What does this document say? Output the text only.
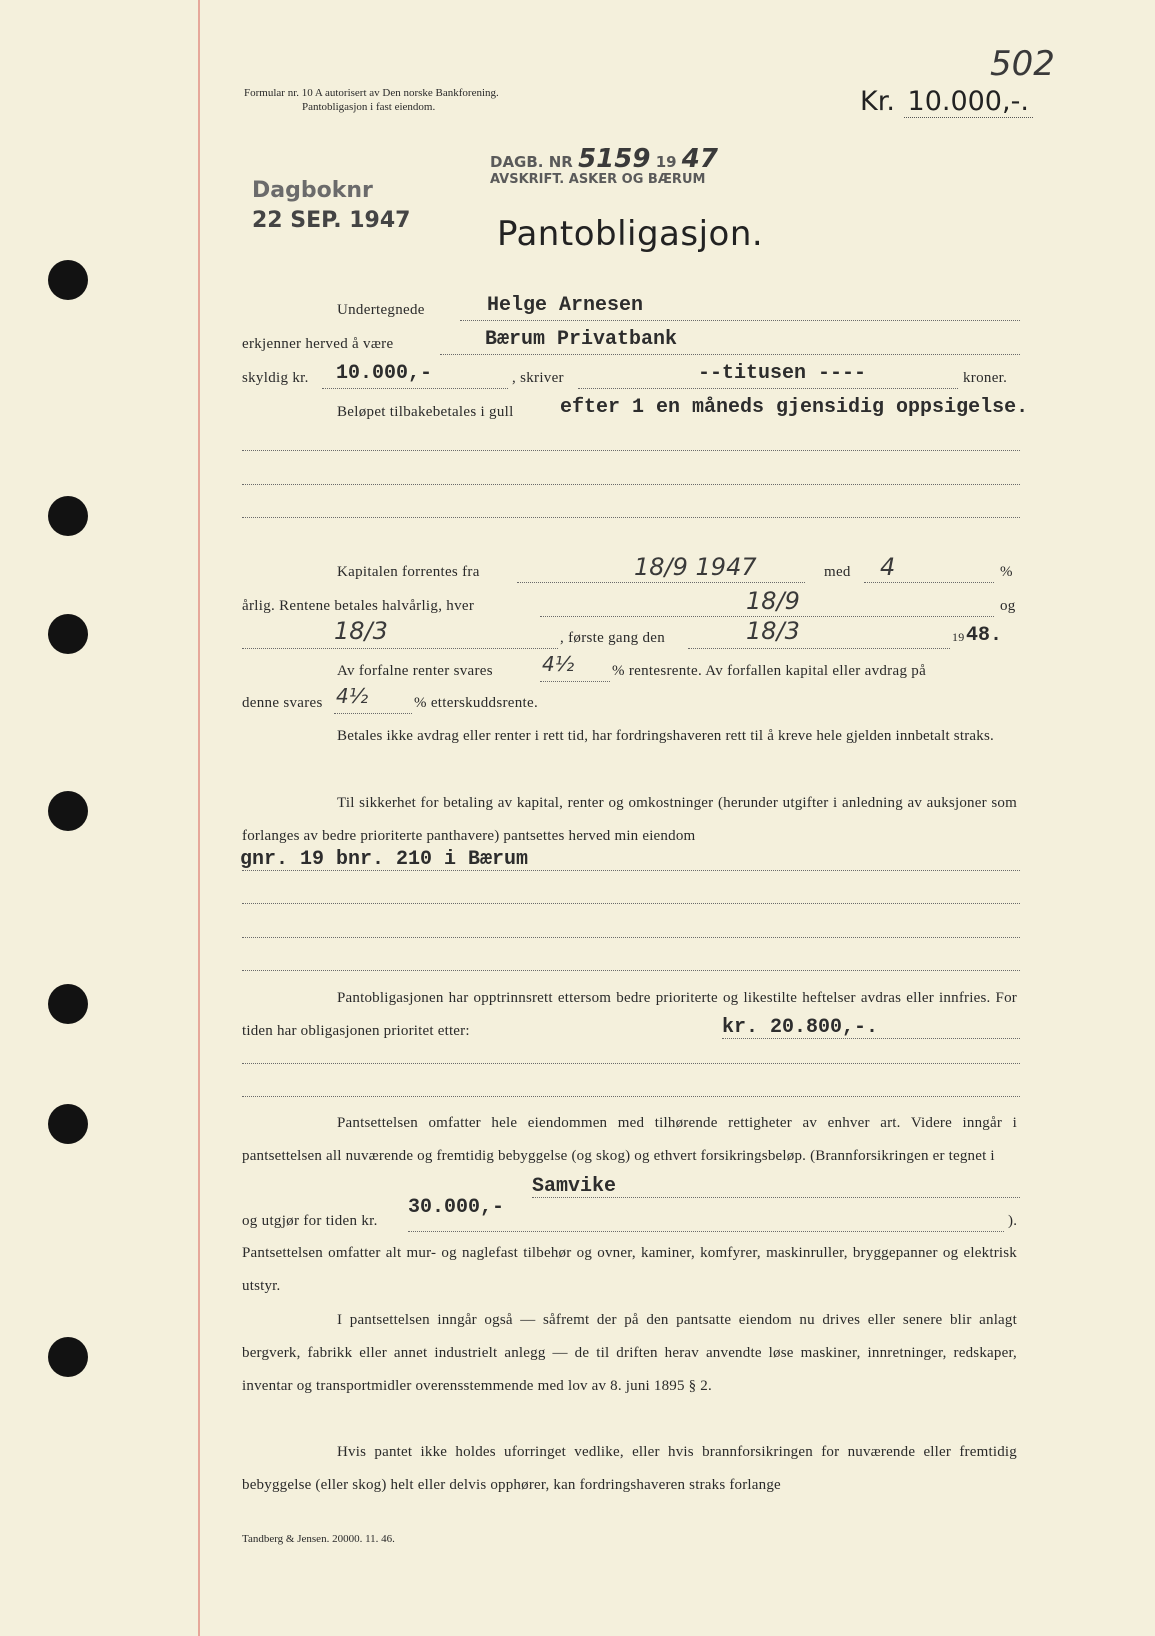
Formular nr. 10 A autorisert av Den norske Bankforening.
Pantobligasjon i fast eiendom.
502
Kr. 10.000,-.
DAGB. NR 5159 19 47
AVSKRIFT. ASKER OG BÆRUM
Dagboknr
22 SEP. 1947	Pantobligasjon.
Undertegnede	Helge Arnesen
erkjenner herved å være	Bærum Privatbank
skyldig kr. 10.000,-	, skriver	--titusen ----	kroner.
Beløpet tilbakebetales i gull efter 1 en måneds gjensidig oppsigelse.
Kapitalen forrentes fra	18/9 1947	med 4	%
årlig. Rentene betales halvårlig, hver	18/9	og
18/3	, første gang den	18/3	19 48.
Av forfalne renter svares 4½	% rentesrente. Av forfallen kapital eller avdrag på
denne svares 4½	% etterskuddsrente.
Betales ikke avdrag eller renter i rett tid, har fordringshaveren rett til å kreve hele gjelden innbetalt straks.
Til sikkerhet for betaling av kapital, renter og omkostninger (herunder utgifter i anledning av auksjoner som forlanges av bedre prioriterte panthavere) pantsettes herved min eiendom
gnr. 19 bnr. 210 i Bærum
Pantobligasjonen har opptrinnsrett ettersom bedre prioriterte og likestilte heftelser avdras eller innfries. For tiden har obligasjonen prioritet etter:	kr. 20.800,-.
Pantsettelsen omfatter hele eiendommen med tilhørende rettigheter av enhver art. Videre inngår i pantsettelsen all nuværende og fremtidig bebyggelse (og skog) og ethvert forsikringsbeløp. (Brannforsikringen er tegnet i
Samvike
30.000,-
og utgjør for tiden kr.	).
Pantsettelsen omfatter alt mur- og naglefast tilbehør og ovner, kaminer, komfyrer, maskinruller, bryggepanner og elektrisk utstyr.
I pantsettelsen inngår også — såfremt der på den pantsatte eiendom nu drives eller senere blir anlagt bergverk, fabrikk eller annet industrielt anlegg — de til driften herav anvendte løse maskiner, innretninger, redskaper, inventar og transportmidler overensstemmende med lov av 8. juni 1895 § 2.
Hvis pantet ikke holdes uforringet vedlike, eller hvis brannforsikringen for nuværende eller fremtidig bebyggelse (eller skog) helt eller delvis opphører, kan fordringshaveren straks forlange
Tandberg & Jensen. 20000. 11. 46.
